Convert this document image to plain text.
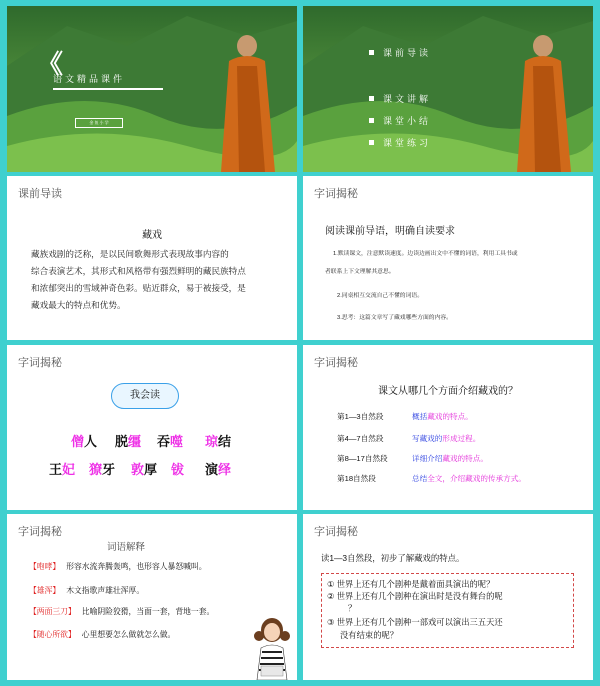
《
语文精品课件
金 鱼 小 学
课前导读
课文讲解
课堂小结
课堂练习
课前导读
藏戏
藏族戏剧的泛称，是以民间歌舞形式表现故事内容的
综合表演艺术，其形式和风格带有强烈鲜明的藏民族特点
和浓郁突出的雪域神奇色彩。贴近群众，易于被接受，是
藏戏最大的特点和优势。
字词揭秘
阅读课前导语，明确自读要求
1.默读课文，注意默读速度。边读边画出文中不懂的词语，利用工具书或
者联系上下文理解其意思。
2.同桌相互交流自己不懂的词语。
3.思考：这篇文章写了藏戏哪些方面的内容。
字词揭秘
我会读
僧人 脱缰 吞噬 琼结
王妃 獠牙 敦厚 钹 演绎
字词揭秘
课文从哪几个方面介绍藏戏的？
第1—3自然段	概括藏戏的特点。
第4—7自然段	写藏戏的形成过程。
第8—17自然段	详细介绍藏戏的特点。
第18自然段	总结全文，介绍藏戏的传承方式。
字词揭秘
词语解释
【咆哮】 形容水流奔腾轰鸣，也形容人暴怒喊叫。
【雄浑】 木文指歌声雄壮浑厚。
【两面三刀】 比喻阴险狡猾，当面一套，背地一套。
【随心所欲】 心里想要怎么做就怎么做。
字词揭秘
读1—3自然段，初步了解藏戏的特点。
① 世界上还有几个剧种是戴着面具演出的呢？
② 世界上还有几个剧种在演出时是没有舞台的呢
？
③ 世界上还有几个剧种一部戏可以演出三五天还
没有结束的呢？
